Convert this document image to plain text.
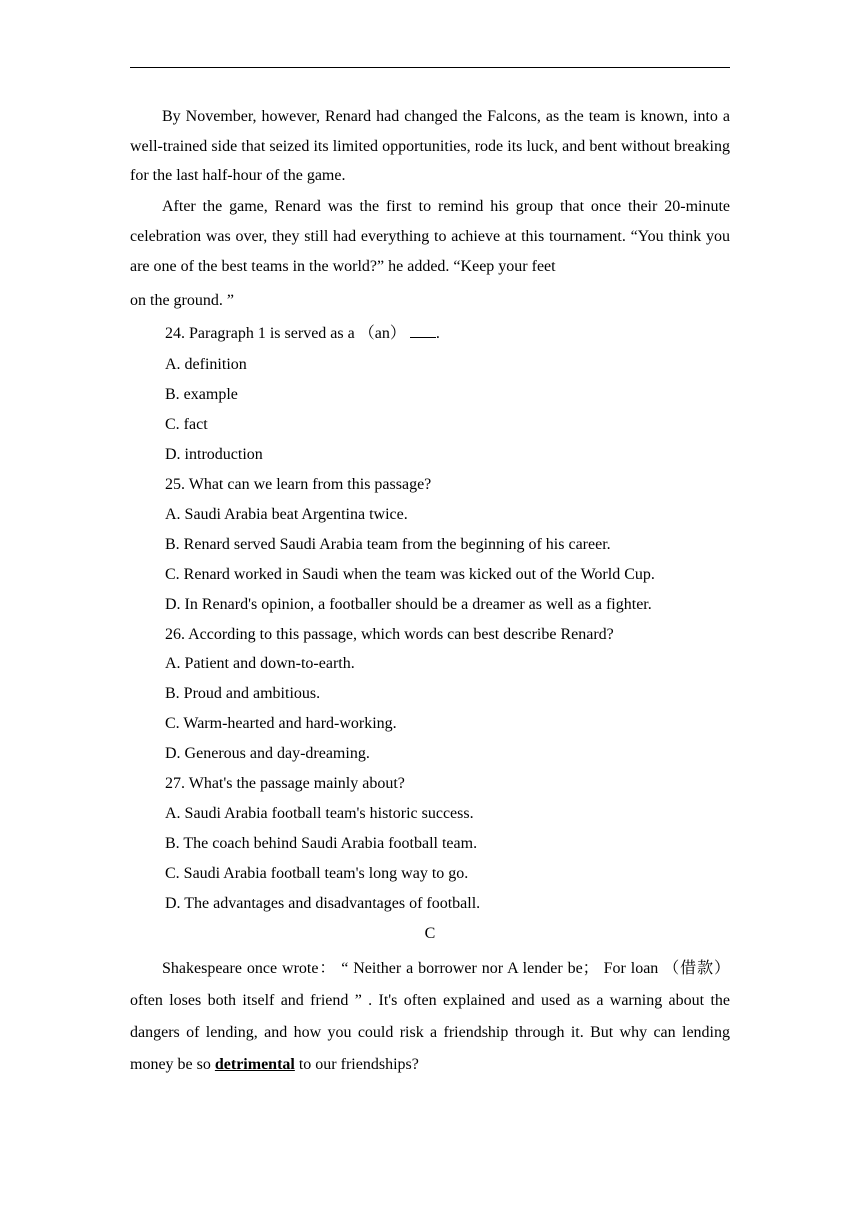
By November, however, Renard had changed the Falcons, as the team is known, into a well-trained side that seized its limited opportunities, rode its luck, and bent without breaking for the last half-hour of the game.

After the game, Renard was the first to remind his group that once their 20-minute celebration was over, they still had everything to achieve at this tournament. “You think you are one of the best teams in the world?” he added. “Keep your feet
on the ground. ”

24. Paragraph 1 is served as a （an） .
A. definition
B. example
C. fact
D. introduction
25. What can we learn from this passage?
A. Saudi Arabia beat Argentina twice.
B. Renard served Saudi Arabia team from the beginning of his career.
C. Renard worked in Saudi when the team was kicked out of the World Cup.
D. In Renard's opinion, a footballer should be a dreamer as well as a fighter.
26. According to this passage, which words can best describe Renard?
A. Patient and down-to-earth.
B. Proud and ambitious.
C. Warm-hearted and hard-working.
D. Generous and day-dreaming.
27. What's the passage mainly about?
A. Saudi Arabia football team's historic success.
B. The coach behind Saudi Arabia football team.
C. Saudi Arabia football team's long way to go.
D. The advantages and disadvantages of football.
C

Shakespeare once wrote： “ Neither a borrower nor A lender be； For loan （借款）often loses both itself and friend ” . It's often explained and used as a warning about the dangers of lending, and how you could risk a friendship through it. But why can lending money be so detrimental to our friendships?
